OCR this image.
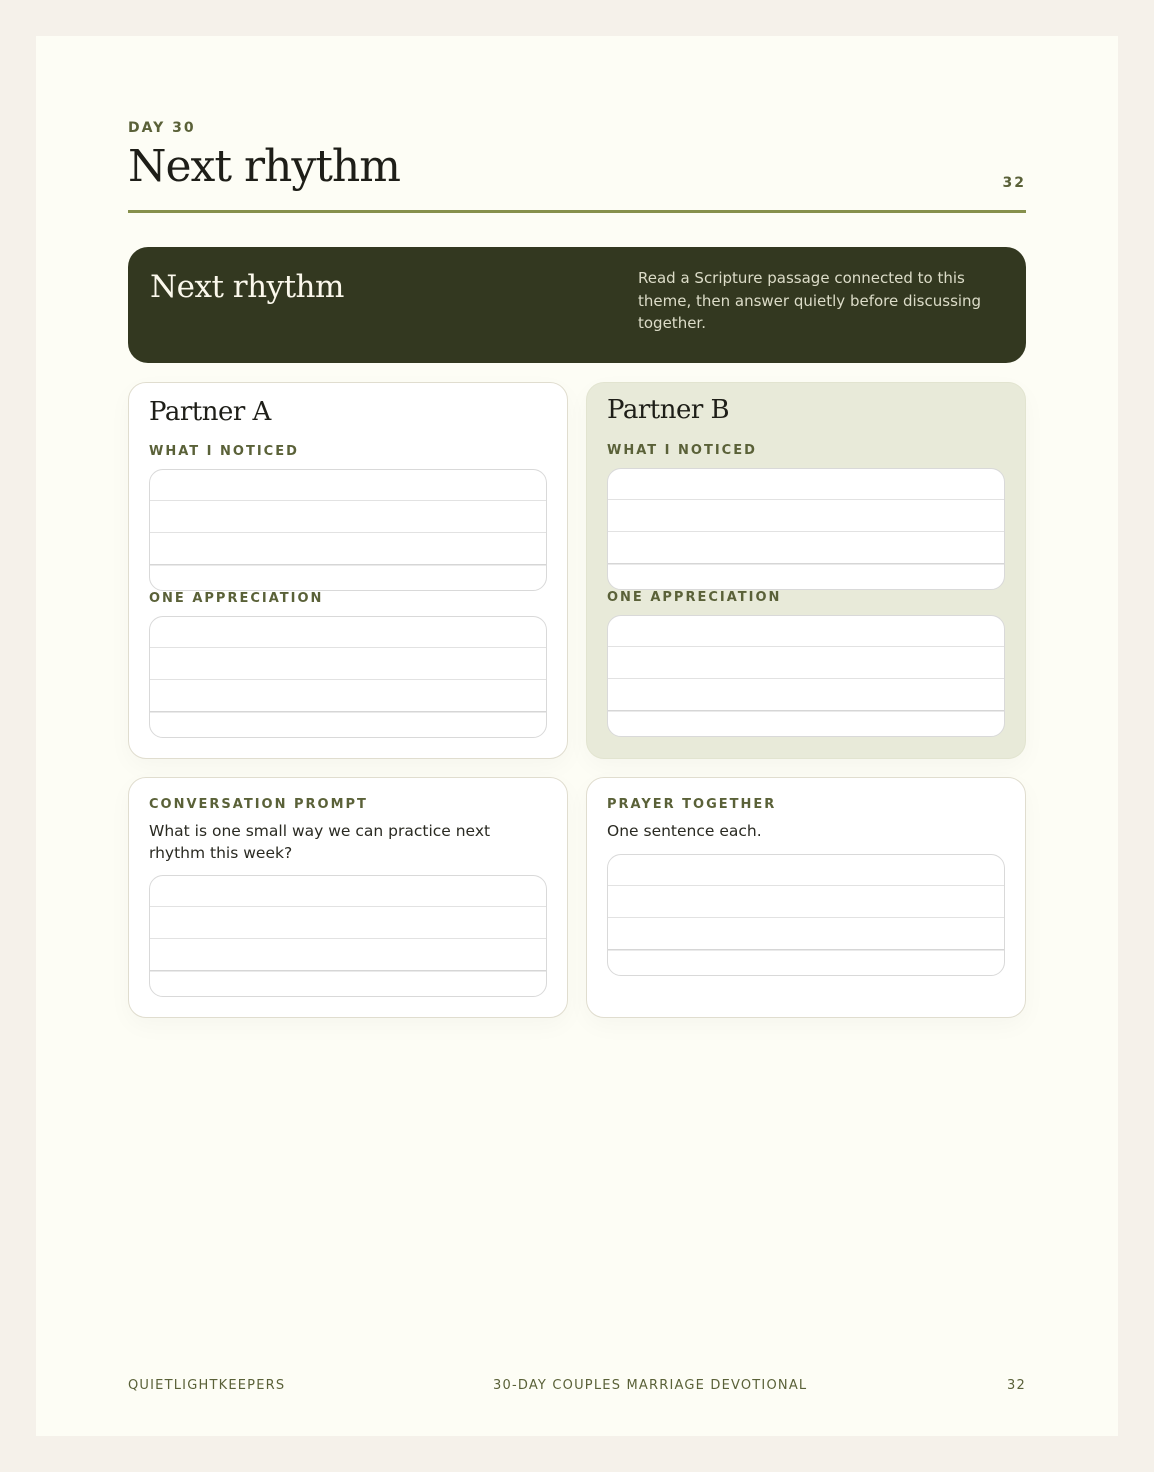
DAY 30
Next rhythm	32
Next rhythm	Read a Scripture passage connected to this theme, then answer quietly before discussing together.
Partner A
WHAT I NOTICED
ONE APPRECIATION
Partner B
WHAT I NOTICED
ONE APPRECIATION
CONVERSATION PROMPT
What is one small way we can practice next rhythm this week?
PRAYER TOGETHER
One sentence each.
QUIETLIGHTKEEPERS	30-DAY COUPLES MARRIAGE DEVOTIONAL	32
